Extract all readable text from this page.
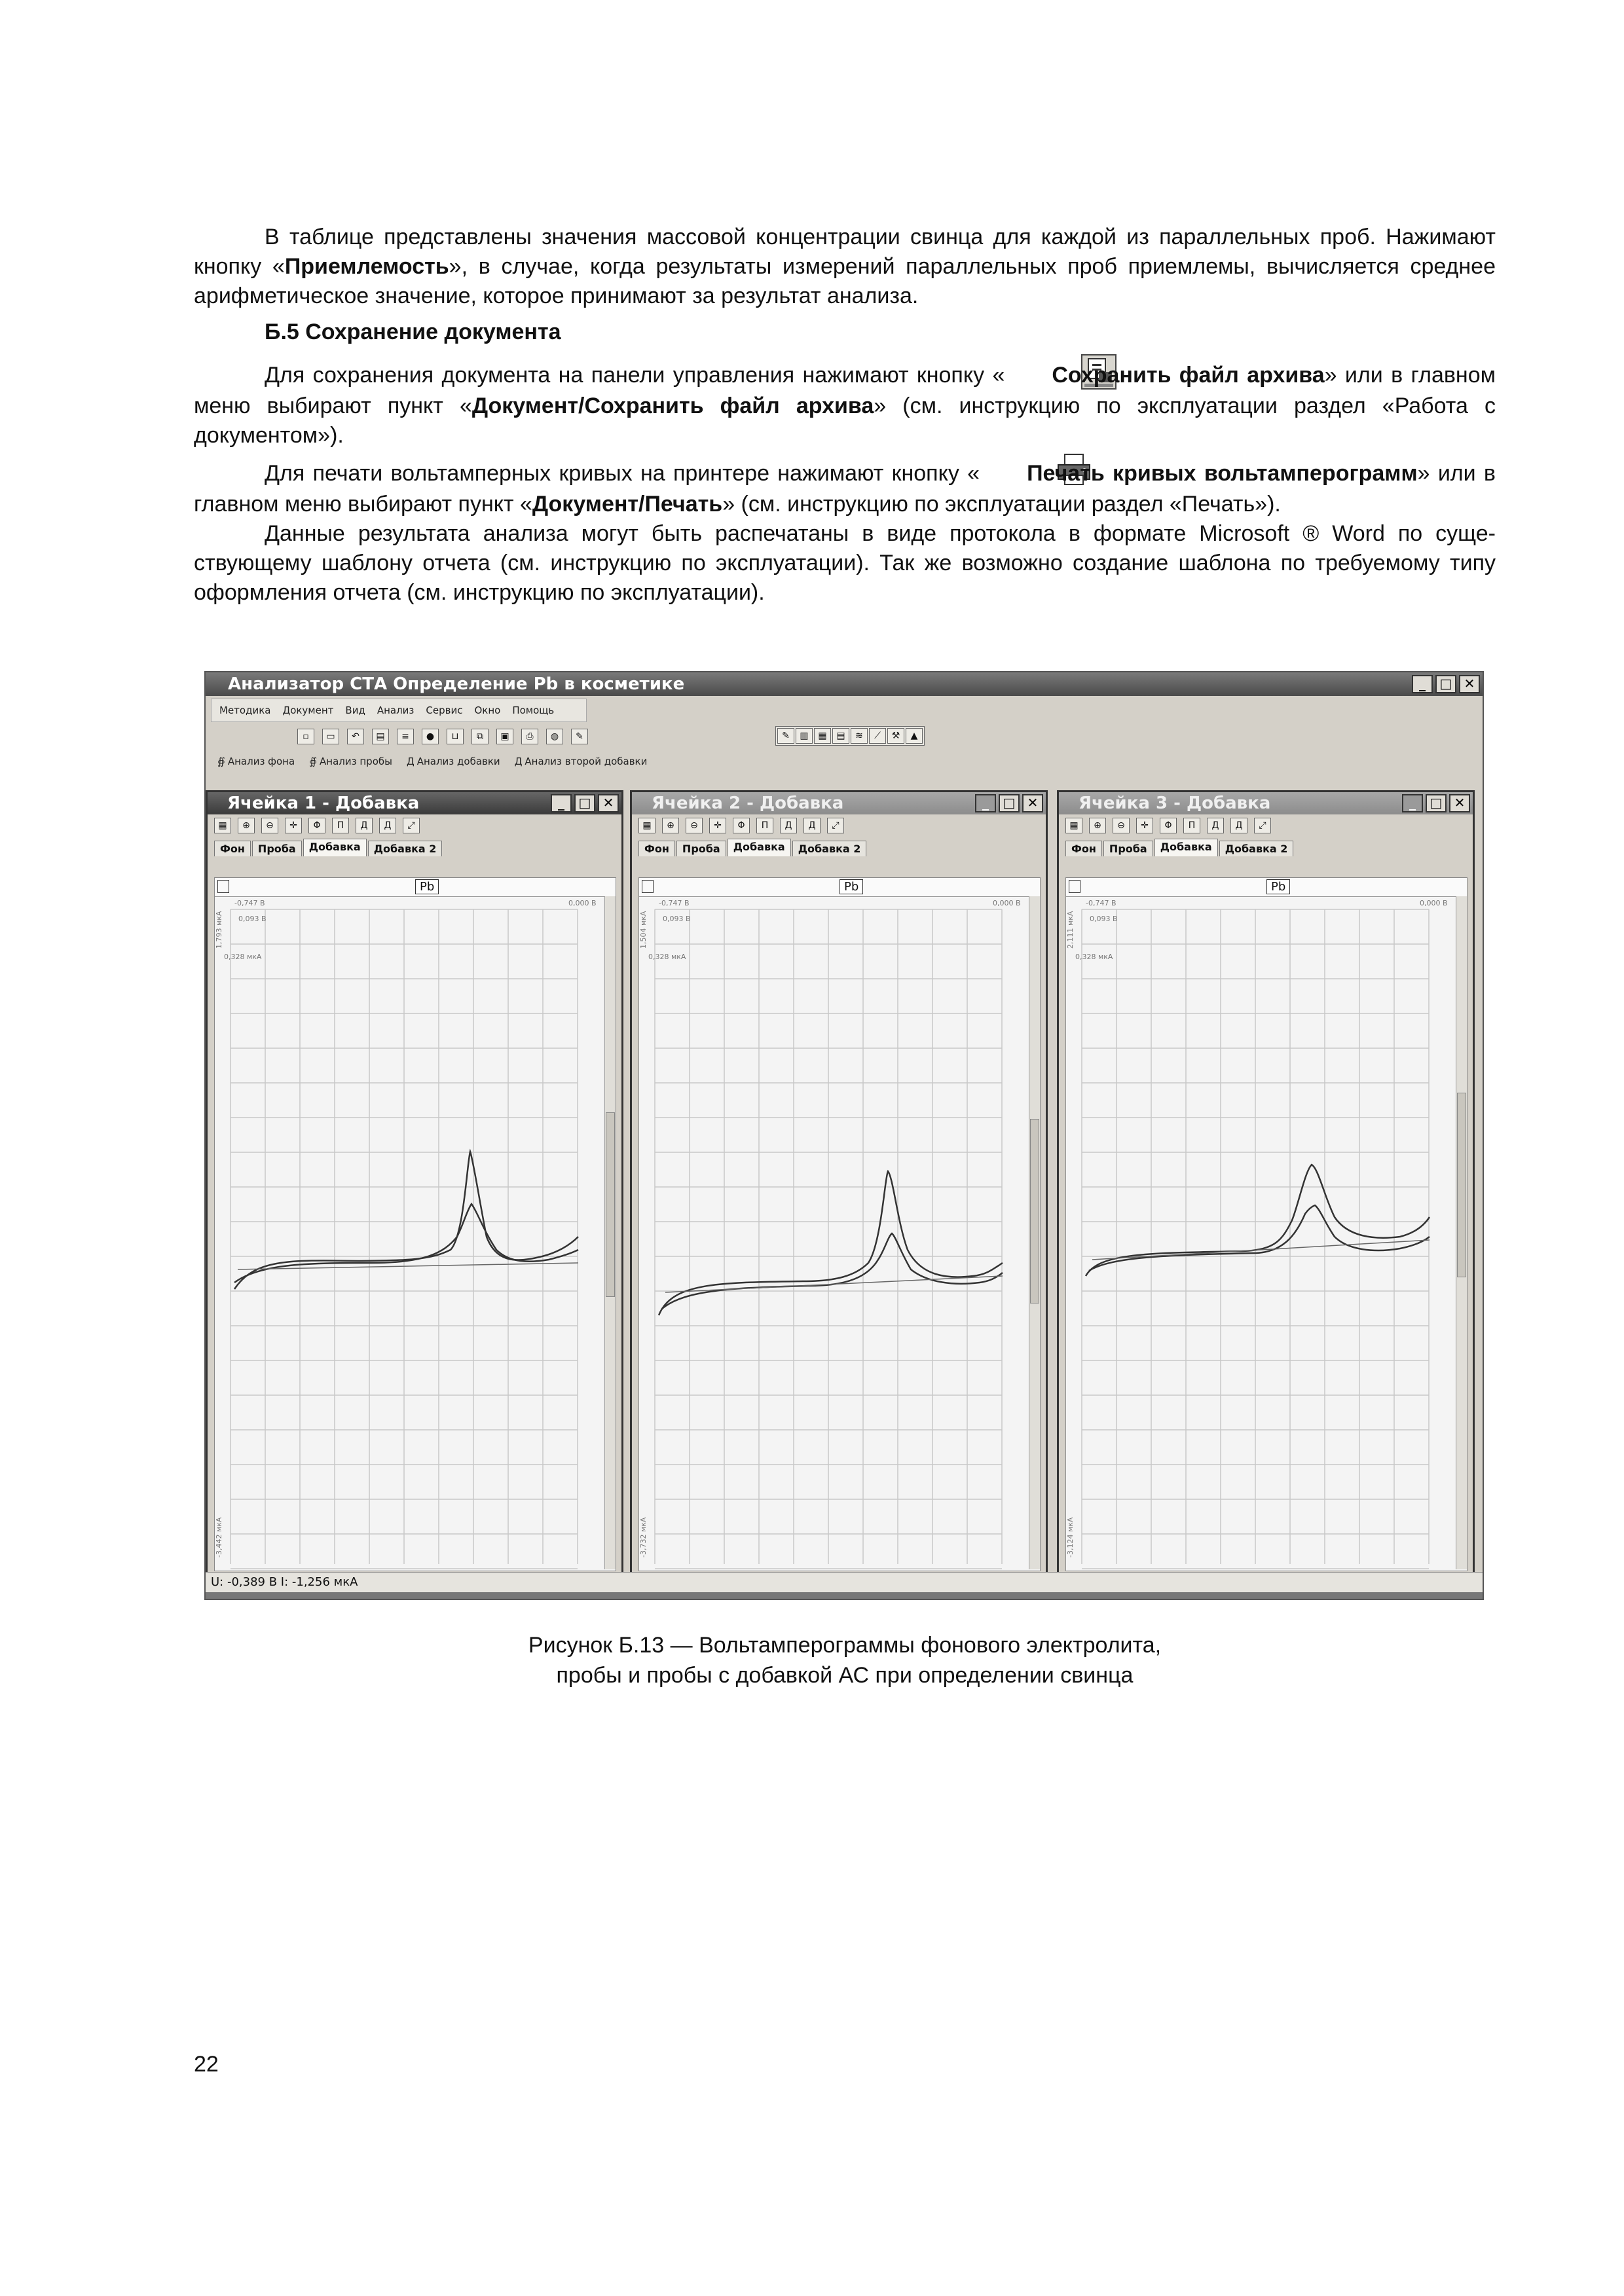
В таблице представлены значения массовой концентрации свинца для каждой из параллельных проб. Нажимают кнопку «Приемлемость», в случае, когда результаты измерений параллельных проб приемлемы, вычисляется среднее арифметическое значение, которое принимают за результат анализа.

Б.5 Сохранение документа

Для сохранения документа на панели управления нажимают кнопку « Сохранить файл архива» или в главном меню выбирают пункт «Документ/Сохранить файл архива» (см. инструкцию по эксплуатации раздел «Работа с документом»).

Для печати вольтамперных кривых на принтере нажимают кнопку « Печать кривых вольтамперограмм» или в главном меню выбирают пункт «Документ/Печать» (см. инструкцию по эксплуатации раздел «Печать»).

Данные результата анализа могут быть распечатаны в виде протокола в формате Microsoft ® Word по существующему шаблону отчета (см. инструкцию по эксплуатации). Так же возможно создание шаблона по требуемому типу оформления отчета (см. инструкцию по эксплуатации).

Анализатор СТА Определение Pb в косметике	_	□ ✕
Методика Документ Вид Анализ Сервис Окно Помощь
▫	▭	↶	▤	≡	●	⊔	⧉	▣	⎙	◍	✎	✎	▥	▦	▤	≋	⟋	⚒	▲
∯ Анализ фона ∯ Анализ пробы Д Анализ добавки Д Анализ второй добавки
Ячейка 1 - Добавка	_	□ ✕
▦	⊕	⊖	✛	Φ	П	Д	Д	⤢
Фон	Проба	Добавка	Добавка 2
Pb
-0,747 В	0,000 В
0,093 В
0,328 мкА
1,793 мкА
-3,442 мкА
Ячейка 2 - Добавка	_	□ ✕
▦	⊕	⊖	✛	Φ	П	Д	Д	⤢
Фон	Проба	Добавка	Добавка 2
Pb
-0,747 В	0,000 В
0,093 В
0,328 мкА
1,504 мкА
-3,732 мкА
Ячейка 3 - Добавка	_	□ ✕
▦	⊕	⊖	✛	Φ	П	Д	Д	⤢
Фон	Проба	Добавка	Добавка 2
Pb
-0,747 В	0,000 В
0,093 В
0,328 мкА
2,111 мкА
-3,124 мкА
U: -0,389 В I: -1,256 мкА
Рисунок Б.13 — Вольтамперограммы фонового электролита,
пробы и пробы с добавкой АС при определении свинца
22
